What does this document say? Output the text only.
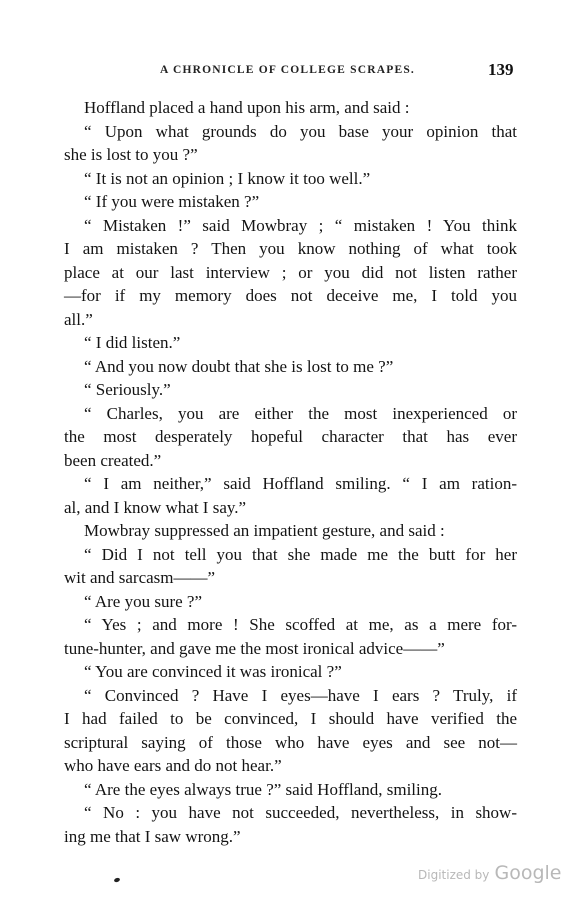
A CHRONICLE OF COLLEGE SCRAPES.	139
Hoffland placed a hand upon his arm, and said :
“ Upon what grounds do you base your opinion that
she is lost to you ?”
“ It is not an opinion ; I know it too well.”
“ If you were mistaken ?”
“ Mistaken !” said Mowbray ; “ mistaken ! You think
I am mistaken ? Then you know nothing of what took
place at our last interview ; or you did not listen rather
—for if my memory does not deceive me, I told you
all.”
“ I did listen.”
“ And you now doubt that she is lost to me ?”
“ Seriously.”
“ Charles, you are either the most inexperienced or
the most desperately hopeful character that has ever
been created.”
“ I am neither,” said Hoffland smiling. “ I am ration-
al, and I know what I say.”
Mowbray suppressed an impatient gesture, and said :
“ Did I not tell you that she made me the butt for her
wit and sarcasm——”
“ Are you sure ?”
“ Yes ; and more ! She scoffed at me, as a mere for-
tune-hunter, and gave me the most ironical advice——”
“ You are convinced it was ironical ?”
“ Convinced ? Have I eyes—have I ears ? Truly, if
I had failed to be convinced, I should have verified the
scriptural saying of those who have eyes and see not—
who have ears and do not hear.”
“ Are the eyes always true ?” said Hoffland, smiling.
“ No : you have not succeeded, nevertheless, in show-
ing me that I saw wrong.”
Digitized by Google
